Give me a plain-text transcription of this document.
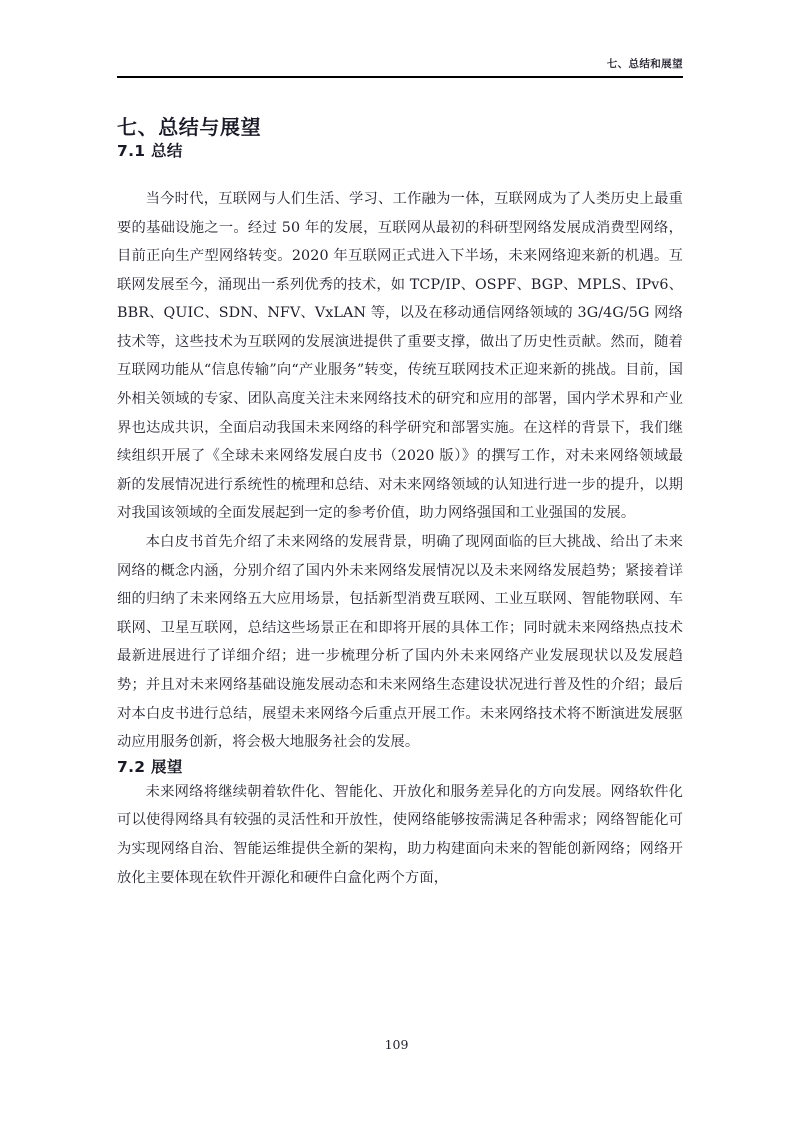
七、总结和展望
七、总结与展望
7.1 总结

当今时代，互联网与人们生活、学习、工作融为一体，互联网成为了人类历史上最重要的基础设施之一。经过 50 年的发展，互联网从最初的科研型网络发展成消费型网络，目前正向生产型网络转变。2020 年互联网正式进入下半场，未来网络迎来新的机遇。互联网发展至今，涌现出一系列优秀的技术，如 TCP/IP、OSPF、BGP、MPLS、IPv6、BBR、QUIC、SDN、NFV、VxLAN 等，以及在移动通信网络领域的 3G/4G/5G 网络技术等，这些技术为互联网的发展演进提供了重要支撑，做出了历史性贡献。然而，随着互联网功能从“信息传输”向“产业服务”转变，传统互联网技术正迎来新的挑战。目前，国外相关领域的专家、团队高度关注未来网络技术的研究和应用的部署，国内学术界和产业界也达成共识，全面启动我国未来网络的科学研究和部署实施。在这样的背景下，我们继续组织开展了《全球未来网络发展白皮书（2020 版）》的撰写工作，对未来网络领域最新的发展情况进行系统性的梳理和总结、对未来网络领域的认知进行进一步的提升，以期对我国该领域的全面发展起到一定的参考价值，助力网络强国和工业强国的发展。

本白皮书首先介绍了未来网络的发展背景，明确了现网面临的巨大挑战、给出了未来网络的概念内涵，分别介绍了国内外未来网络发展情况以及未来网络发展趋势；紧接着详细的归纳了未来网络五大应用场景，包括新型消费互联网、工业互联网、智能物联网、车联网、卫星互联网，总结这些场景正在和即将开展的具体工作；同时就未来网络热点技术最新进展进行了详细介绍；进一步梳理分析了国内外未来网络产业发展现状以及发展趋势；并且对未来网络基础设施发展动态和未来网络生态建设状况进行普及性的介绍；最后对本白皮书进行总结，展望未来网络今后重点开展工作。未来网络技术将不断演进发展驱动应用服务创新，将会极大地服务社会的发展。

7.2 展望

未来网络将继续朝着软件化、智能化、开放化和服务差异化的方向发展。网络软件化可以使得网络具有较强的灵活性和开放性，使网络能够按需满足各种需求；网络智能化可为实现网络自治、智能运维提供全新的架构，助力构建面向未来的智能创新网络；网络开放化主要体现在软件开源化和硬件白盒化两个方面，

109
